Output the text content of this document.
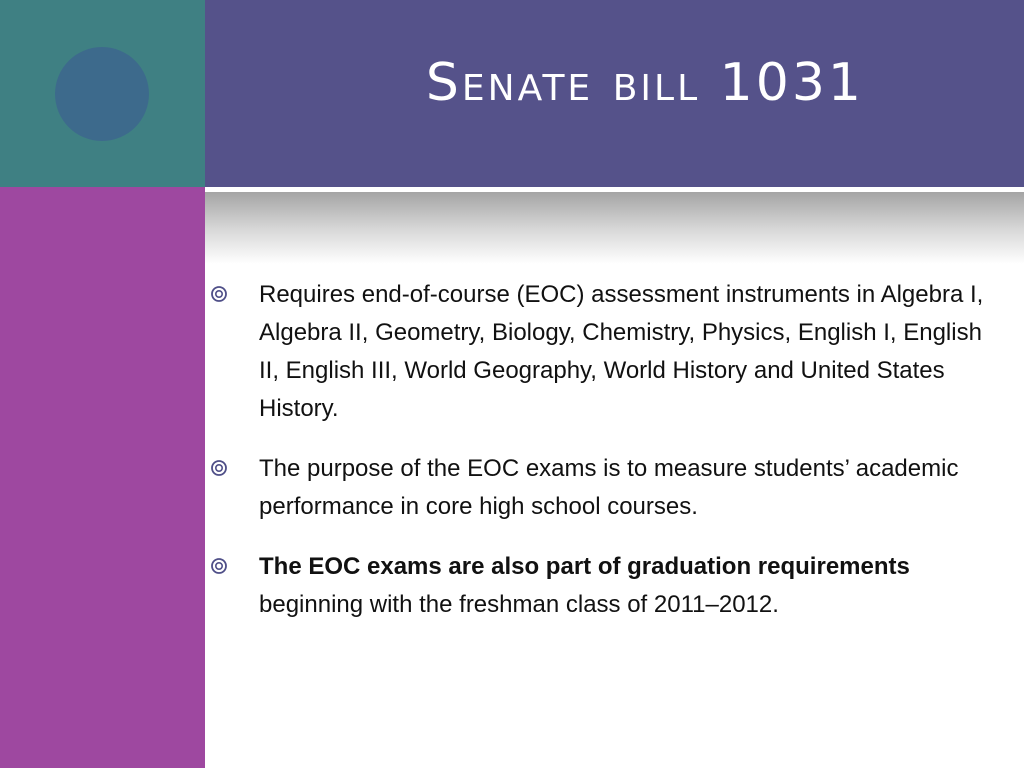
Senate bill 1031
Requires end-of-course (EOC) assessment instruments in Algebra I, Algebra II, Geometry, Biology, Chemistry, Physics, English I, English II, English III, World Geography, World History and United States History.
The purpose of the EOC exams is to measure students’ academic performance in core high school courses.
The EOC exams are also part of graduation requirements beginning with the freshman class of 2011–2012.
